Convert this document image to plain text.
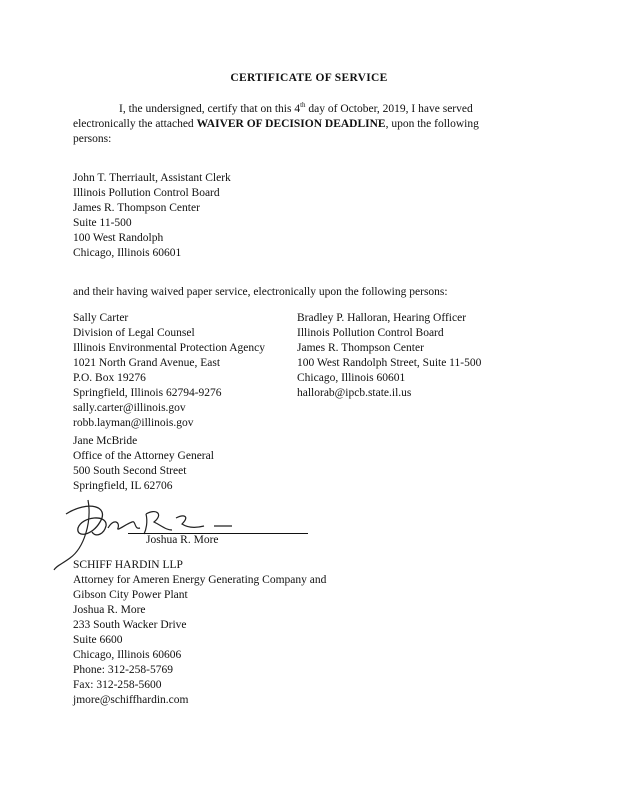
CERTIFICATE OF SERVICE
I, the undersigned, certify that on this 4th day of October, 2019, I have served electronically the attached WAIVER OF DECISION DEADLINE, upon the following persons:
John T. Therriault, Assistant Clerk
Illinois Pollution Control Board
James R. Thompson Center
Suite 11-500
100 West Randolph
Chicago, Illinois 60601
and their having waived paper service, electronically upon the following persons:
Sally Carter
Division of Legal Counsel
Illinois Environmental Protection Agency
1021 North Grand Avenue, East
P.O. Box 19276
Springfield, Illinois 62794-9276
sally.carter@illinois.gov
robb.layman@illinois.gov
Bradley P. Halloran, Hearing Officer
Illinois Pollution Control Board
James R. Thompson Center
100 West Randolph Street, Suite 11-500
Chicago, Illinois 60601
hallorab@ipcb.state.il.us
Jane McBride
Office of the Attorney General
500 South Second Street
Springfield, IL 62706
Joshua R. More
SCHIFF HARDIN LLP
Attorney for Ameren Energy Generating Company and
Gibson City Power Plant
Joshua R. More
233 South Wacker Drive
Suite 6600
Chicago, Illinois 60606
Phone: 312-258-5769
Fax: 312-258-5600
jmore@schiffhardin.com
